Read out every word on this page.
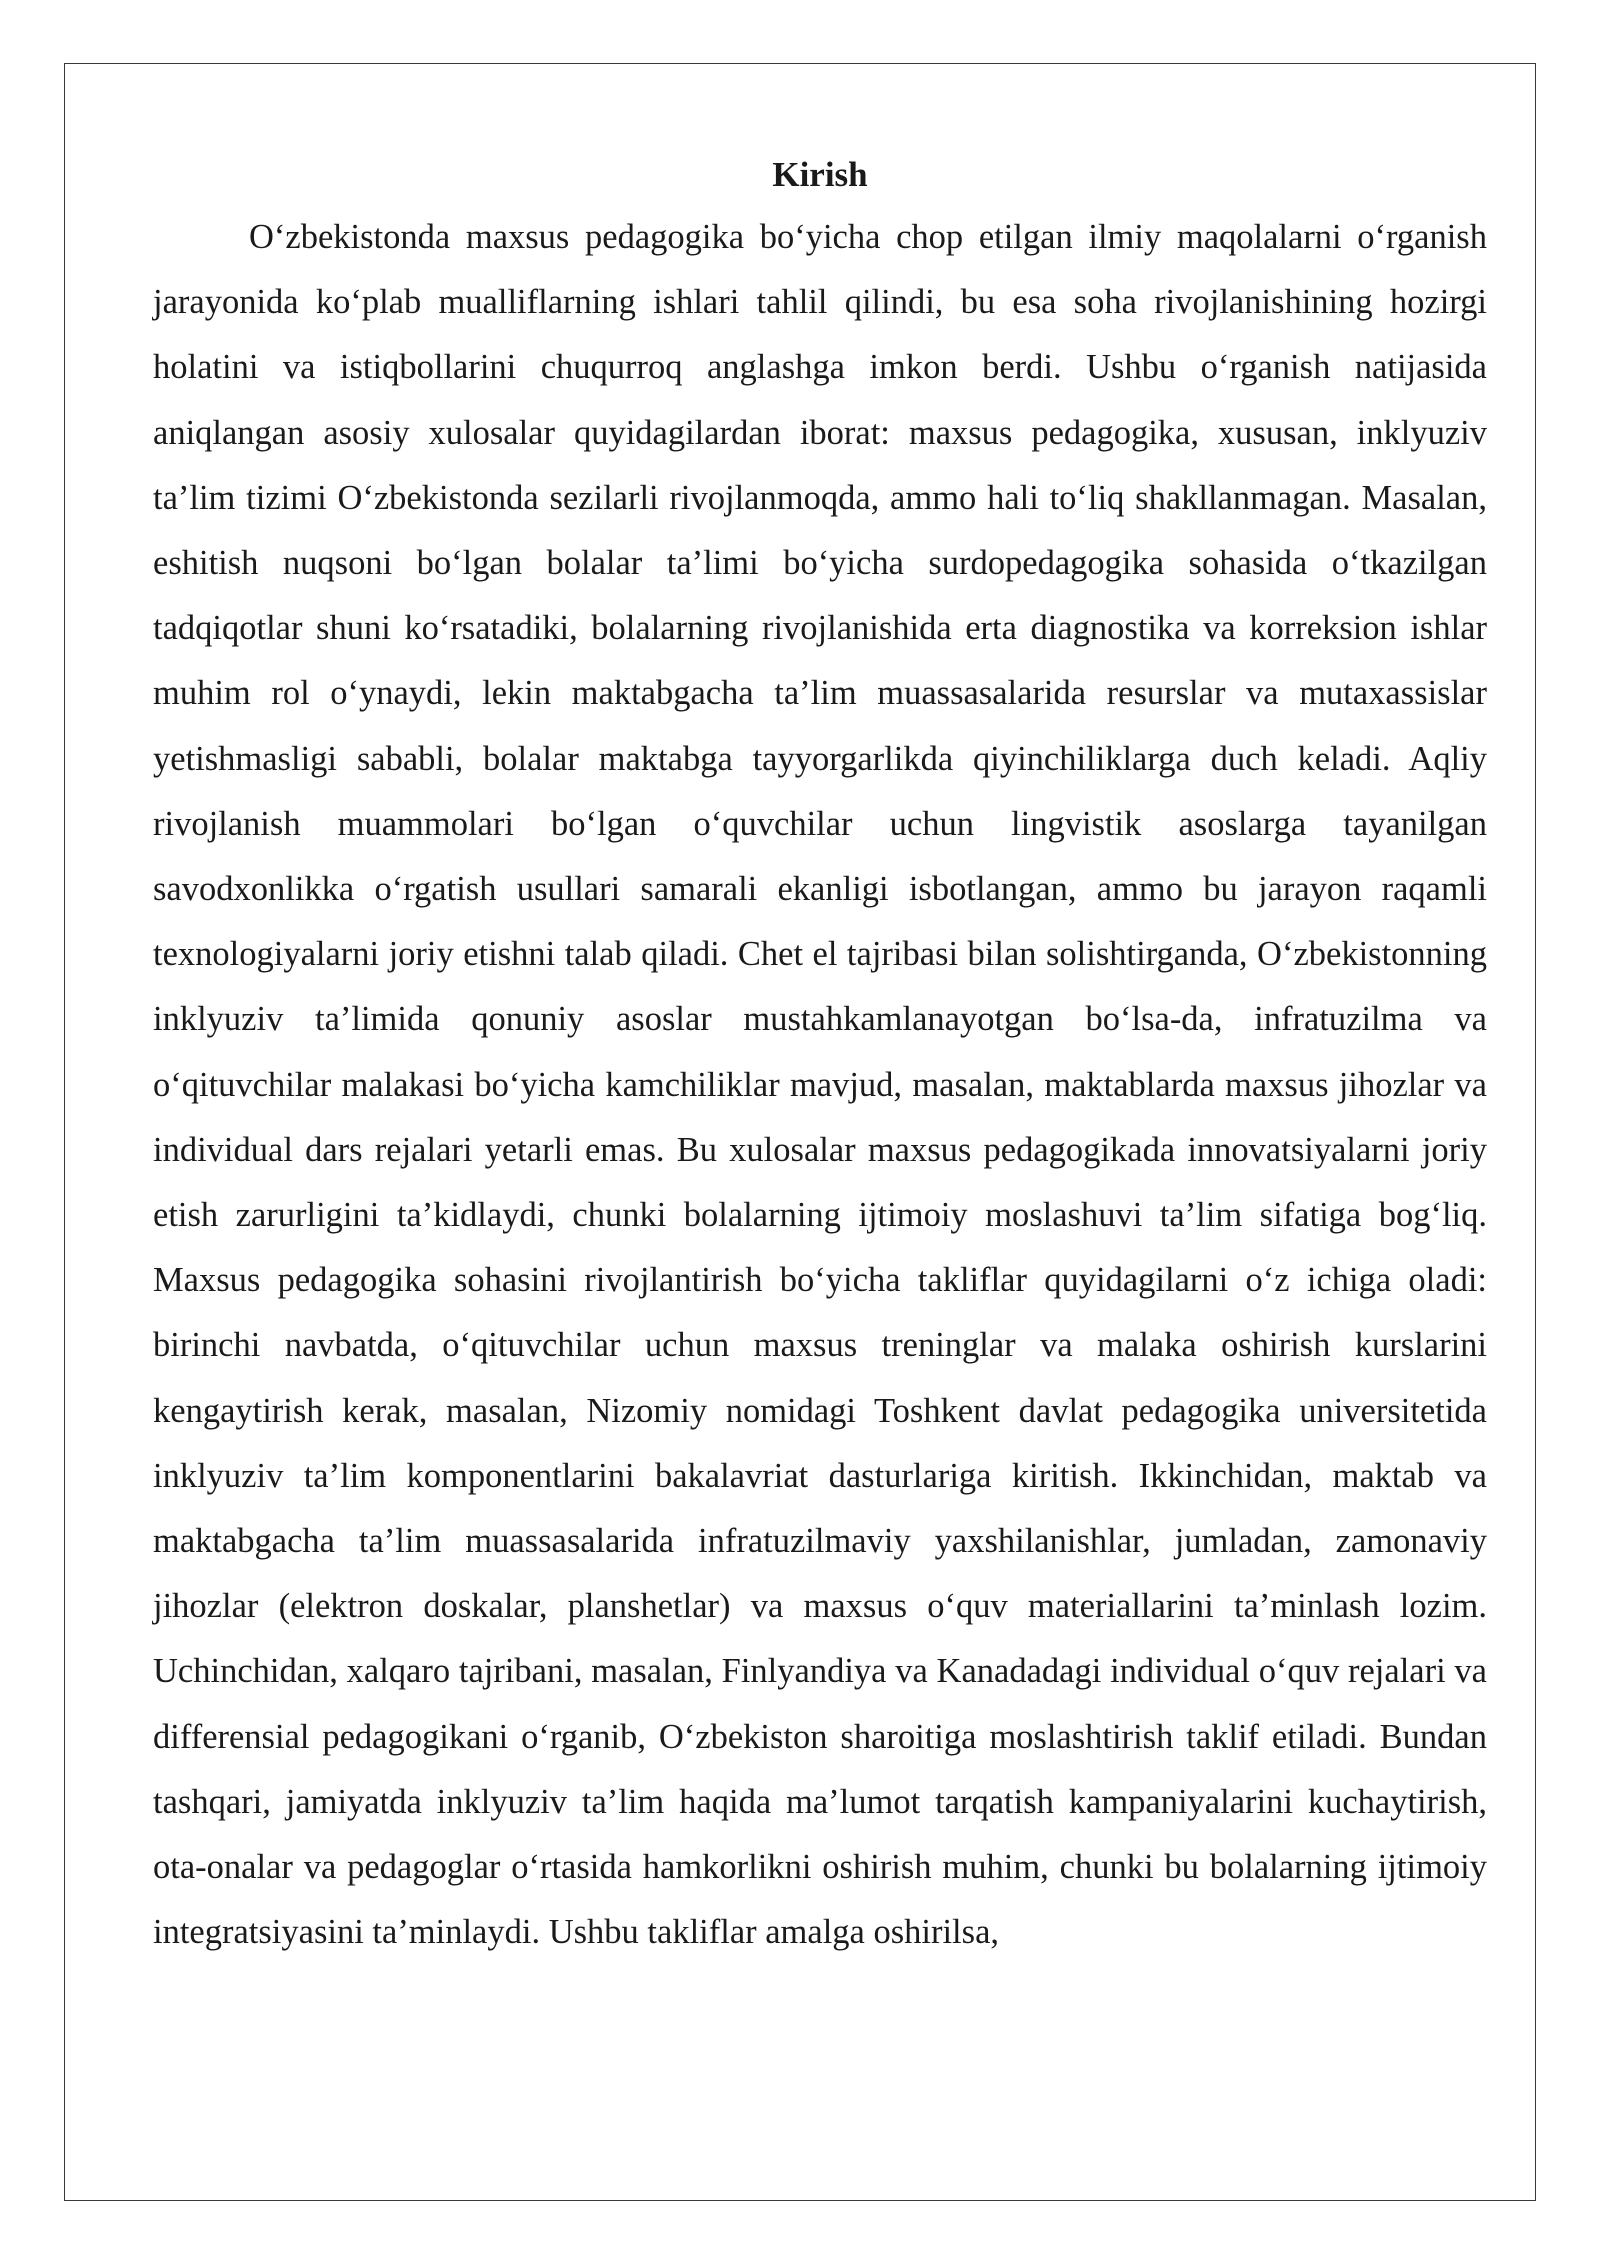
Kirish

O‘zbekistonda maxsus pedagogika bo‘yicha chop etilgan ilmiy maqolalarni o‘rganish jarayonida ko‘plab mualliflarning ishlari tahlil qilindi, bu esa soha rivojlanishining hozirgi holatini va istiqbollarini chuqurroq anglashga imkon berdi. Ushbu o‘rganish natijasida aniqlangan asosiy xulosalar quyidagilardan iborat: maxsus pedagogika, xususan, inklyuziv ta’lim tizimi O‘zbekistonda sezilarli rivojlanmoqda, ammo hali to‘liq shakllanmagan. Masalan, eshitish nuqsoni bo‘lgan bolalar ta’limi bo‘yicha surdopedagogika sohasida o‘tkazilgan tadqiqotlar shuni ko‘rsatadiki, bolalarning rivojlanishida erta diagnostika va korreksion ishlar muhim rol o‘ynaydi, lekin maktabgacha ta’lim muassasalarida resurslar va mutaxassislar yetishmasligi sababli, bolalar maktabga tayyorgarlikda qiyinchiliklarga duch keladi. Aqliy rivojlanish muammolari bo‘lgan o‘quvchilar uchun lingvistik asoslarga tayanilgan savodxonlikka o‘rgatish usullari samarali ekanligi isbotlangan, ammo bu jarayon raqamli texnologiyalarni joriy etishni talab qiladi. Chet el tajribasi bilan solishtirganda, O‘zbekistonning inklyuziv ta’limida qonuniy asoslar mustahkamlanayotgan bo‘lsa-da, infratuzilma va o‘qituvchilar malakasi bo‘yicha kamchiliklar mavjud, masalan, maktablarda maxsus jihozlar va individual dars rejalari yetarli emas. Bu xulosalar maxsus pedagogikada innovatsiyalarni joriy etish zarurligini ta’kidlaydi, chunki bolalarning ijtimoiy moslashuvi ta’lim sifatiga bog‘liq. Maxsus pedagogika sohasini rivojlantirish bo‘yicha takliflar quyidagilarni o‘z ichiga oladi: birinchi navbatda, o‘qituvchilar uchun maxsus treninglar va malaka oshirish kurslarini kengaytirish kerak, masalan, Nizomiy nomidagi Toshkent davlat pedagogika universitetida inklyuziv ta’lim komponentlarini bakalavriat dasturlariga kiritish. Ikkinchidan, maktab va maktabgacha ta’lim muassasalarida infratuzilmaviy yaxshilanishlar, jumladan, zamonaviy jihozlar (elektron doskalar, planshetlar) va maxsus o‘quv materiallarini ta’minlash lozim. Uchinchidan, xalqaro tajribani, masalan, Finlyandiya va Kanadadagi individual o‘quv rejalari va differensial pedagogikani o‘rganib, O‘zbekiston sharoitiga moslashtirish taklif etiladi. Bundan tashqari, jamiyatda inklyuziv ta’lim haqida ma’lumot tarqatish kampaniyalarini kuchaytirish, ota-onalar va pedagoglar o‘rtasida hamkorlikni oshirish muhim, chunki bu bolalarning ijtimoiy integratsiyasini ta’minlaydi. Ushbu takliflar amalga oshirilsa,
